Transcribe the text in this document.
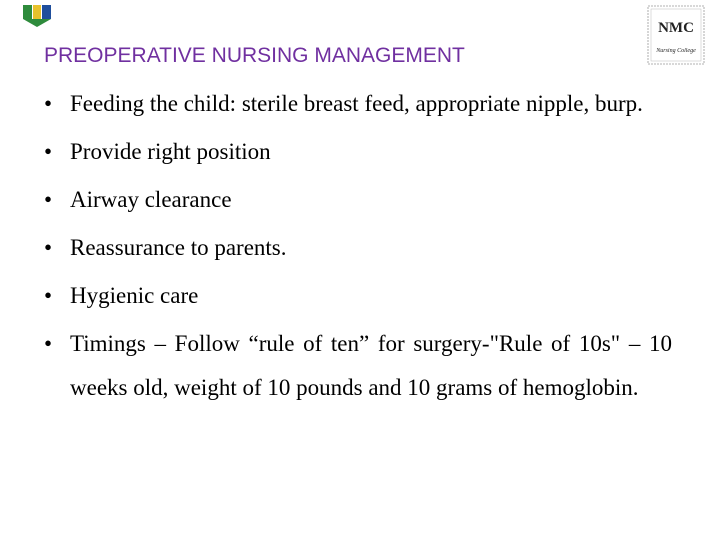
NMC
Nursing College
PREOPERATIVE NURSING MANAGEMENT
• Feeding the child: sterile breast feed, appropriate nipple, burp.
• Provide right position
• Airway clearance
• Reassurance to parents.
• Hygienic care
• Timings – Follow “rule of ten” for surgery-"Rule of 10s" – 10 weeks old, weight of 10 pounds and 10 grams of hemoglobin.
